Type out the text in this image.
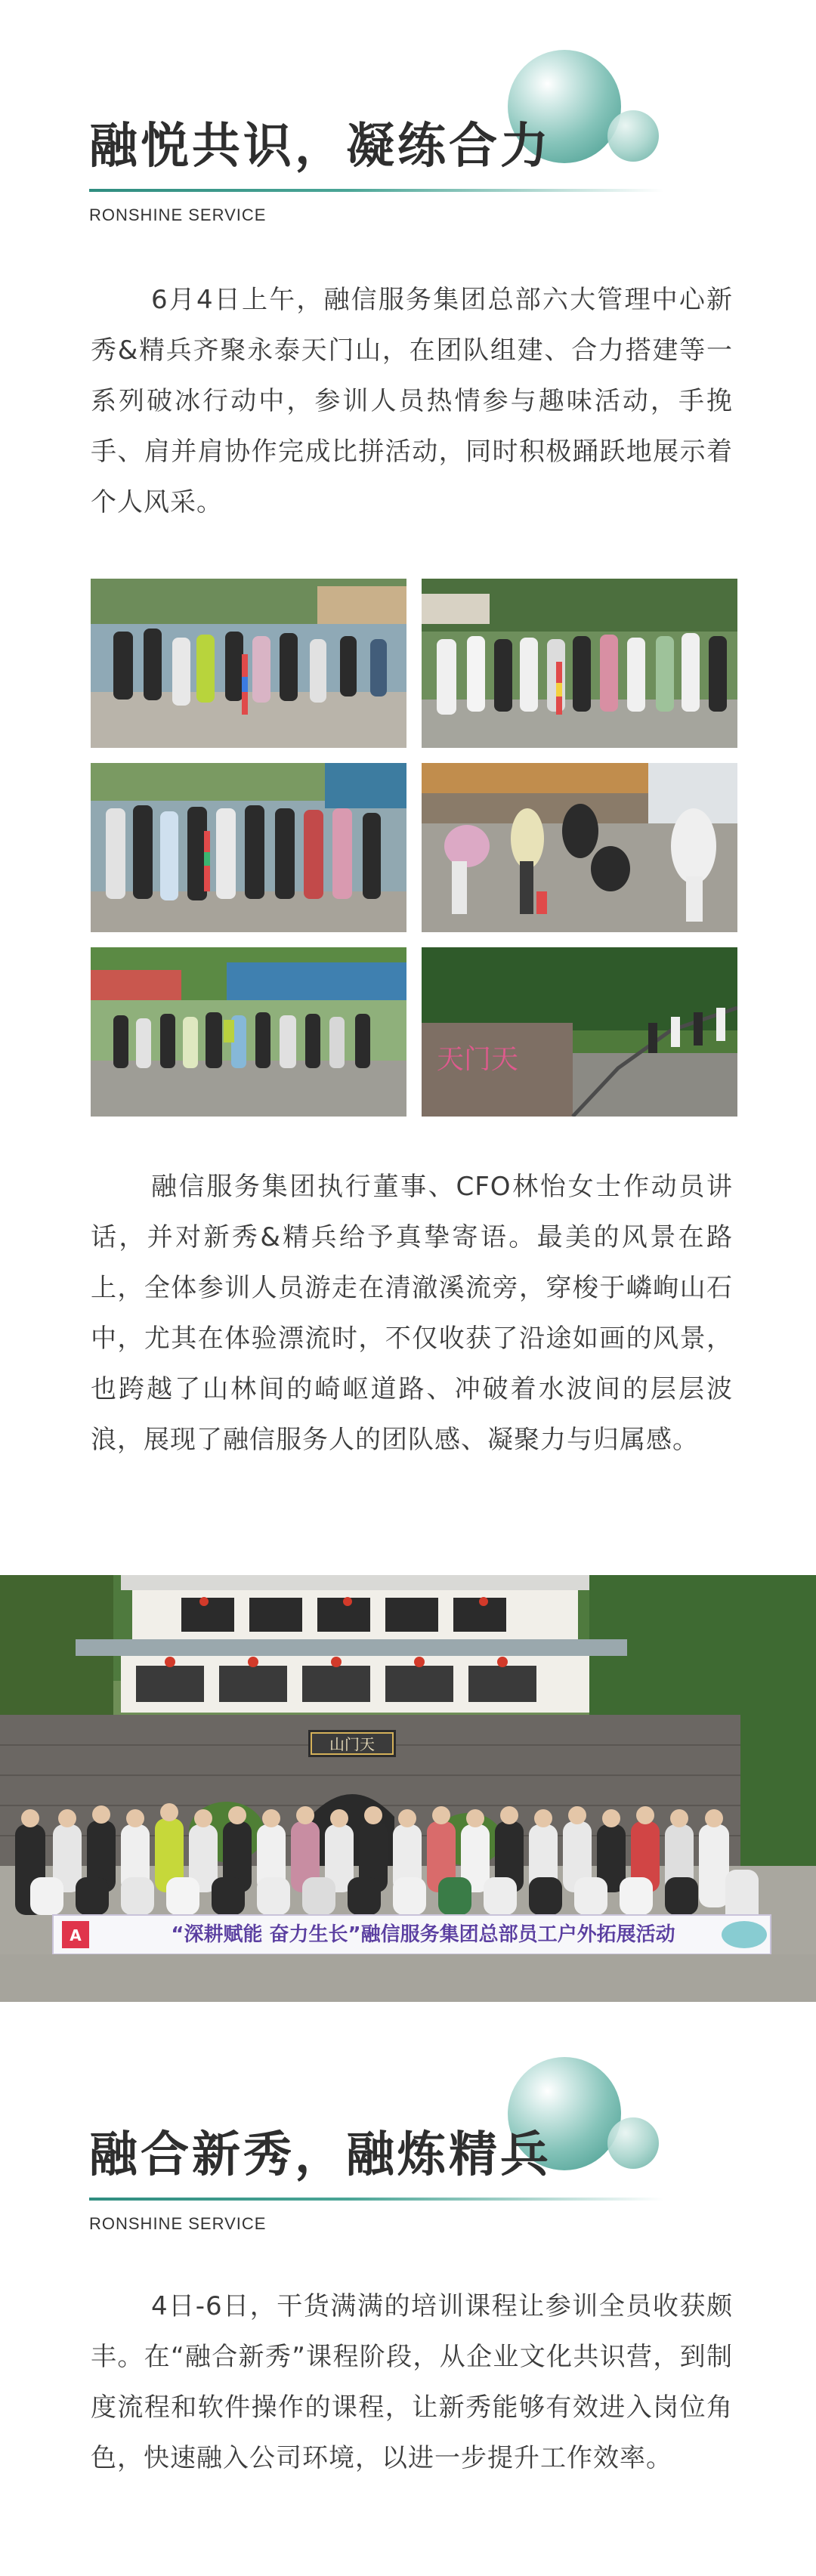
融悦共识，凝练合力
RONSHINE SERVICE

6月4日上午，融信服务集团总部六大管理中心新秀&精兵齐聚永泰天门山，在团队组建、合力搭建等一系列破冰行动中，参训人员热情参与趣味活动，手挽手、肩并肩协作完成比拼活动，同时积极踊跃地展示着个人风采。

天门天

融信服务集团执行董事、CFO林怡女士作动员讲话，并对新秀&精兵给予真挚寄语。最美的风景在路上，全体参训人员游走在清澈溪流旁，穿梭于嶙峋山石中，尤其在体验漂流时，不仅收获了沿途如画的风景，也跨越了山林间的崎岖道路、冲破着水波间的层层波浪，展现了融信服务人的团队感、凝聚力与归属感。

山门天
A	“深耕赋能 奋力生长”融信服务集团总部员工户外拓展活动
融合新秀，融炼精兵
RONSHINE SERVICE

4日-6日，干货满满的培训课程让参训全员收获颇丰。在“融合新秀”课程阶段，从企业文化共识营，到制度流程和软件操作的课程，让新秀能够有效进入岗位角色，快速融入公司环境，以进一步提升工作效率。
